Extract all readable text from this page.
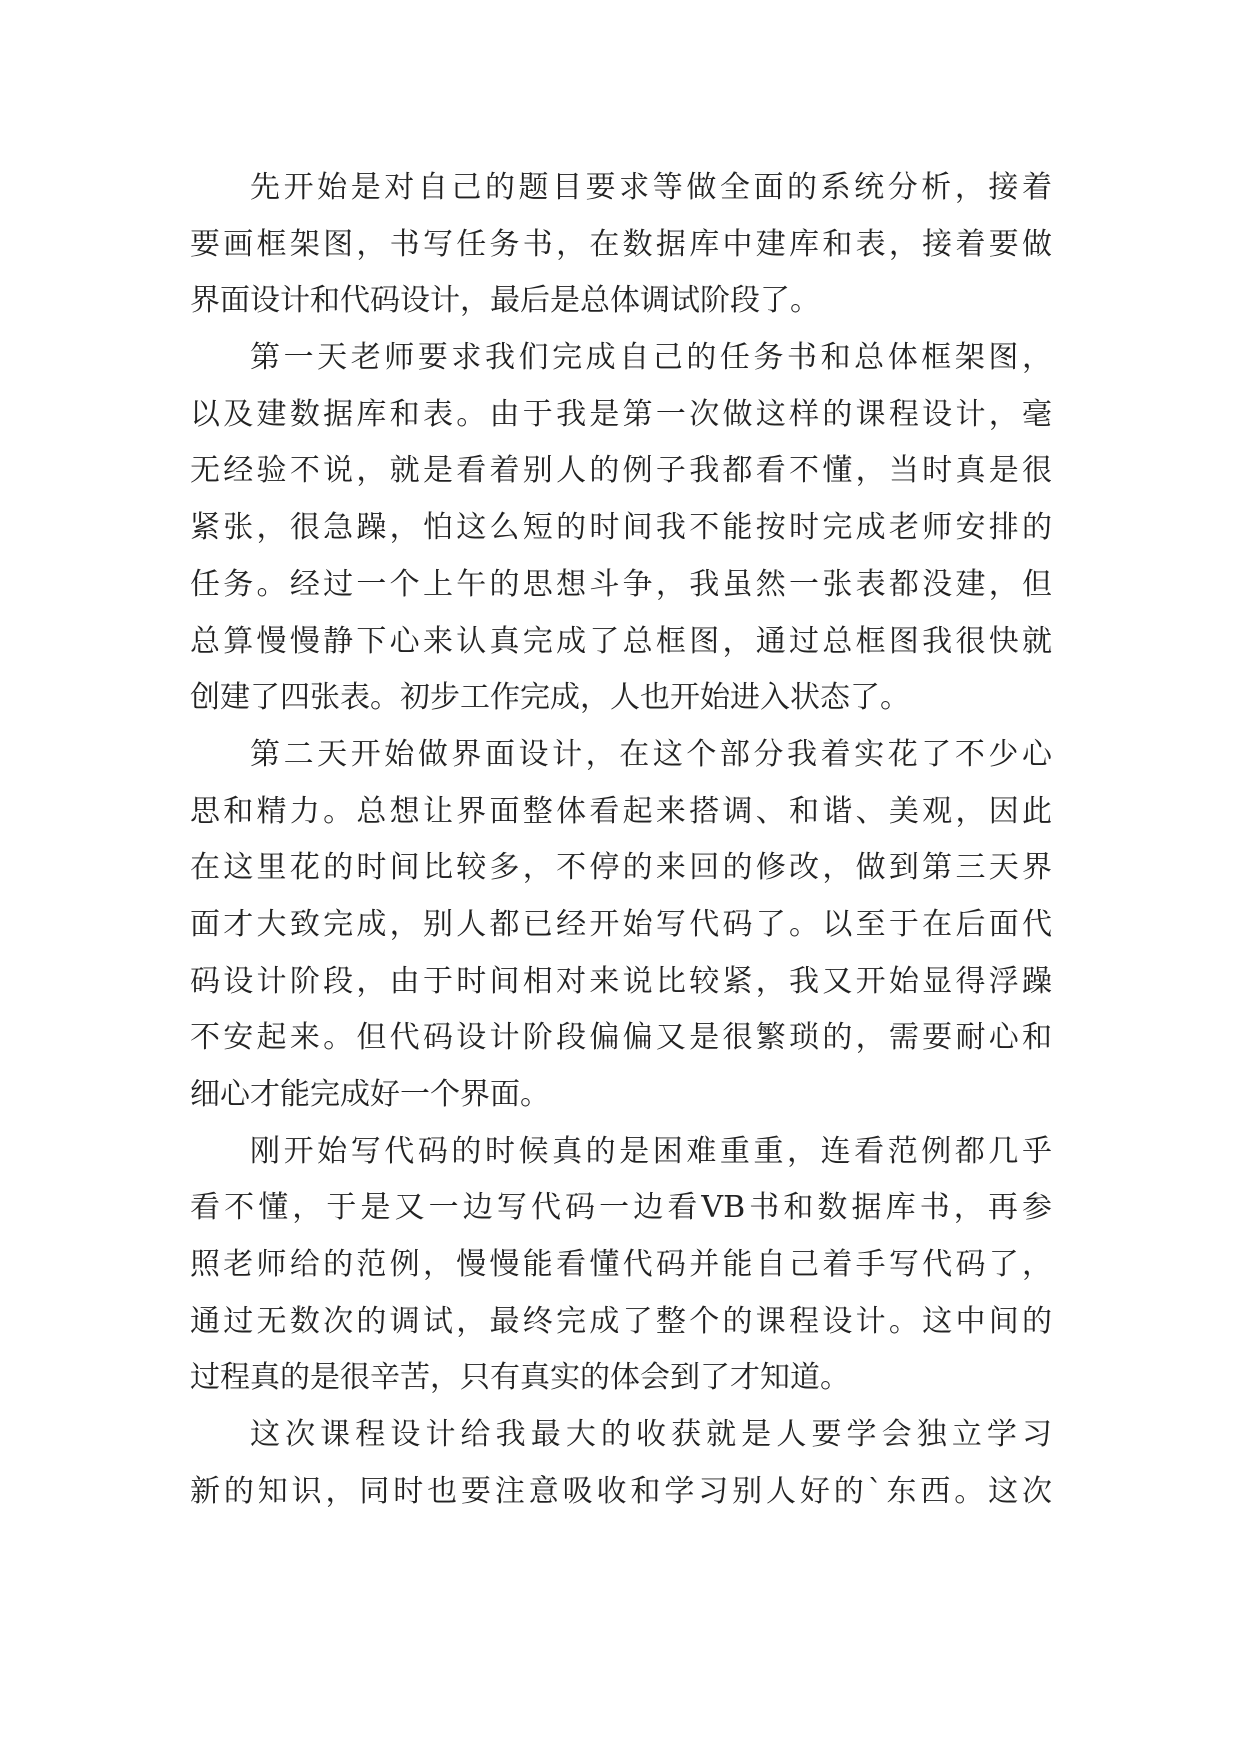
先开始是对自己的题目要求等做全面的系统分析，接着
要画框架图，书写任务书，在数据库中建库和表，接着要做
界面设计和代码设计，最后是总体调试阶段了。
第一天老师要求我们完成自己的任务书和总体框架图，
以及建数据库和表。由于我是第一次做这样的课程设计，毫
无经验不说，就是看着别人的例子我都看不懂，当时真是很
紧张，很急躁，怕这么短的时间我不能按时完成老师安排的
任务。经过一个上午的思想斗争，我虽然一张表都没建，但
总算慢慢静下心来认真完成了总框图，通过总框图我很快就
创建了四张表。初步工作完成，人也开始进入状态了。
第二天开始做界面设计，在这个部分我着实花了不少心
思和精力。总想让界面整体看起来搭调、和谐、美观，因此
在这里花的时间比较多，不停的来回的修改，做到第三天界
面才大致完成，别人都已经开始写代码了。以至于在后面代
码设计阶段，由于时间相对来说比较紧，我又开始显得浮躁
不安起来。但代码设计阶段偏偏又是很繁琐的，需要耐心和
细心才能完成好一个界面。
刚开始写代码的时候真的是困难重重，连看范例都几乎
看不懂，于是又一边写代码一边看VB书和数据库书，再参
照老师给的范例，慢慢能看懂代码并能自己着手写代码了，
通过无数次的调试，最终完成了整个的课程设计。这中间的
过程真的是很辛苦，只有真实的体会到了才知道。
这次课程设计给我最大的收获就是人要学会独立学习
新的知识，同时也要注意吸收和学习别人好的`东西。这次
